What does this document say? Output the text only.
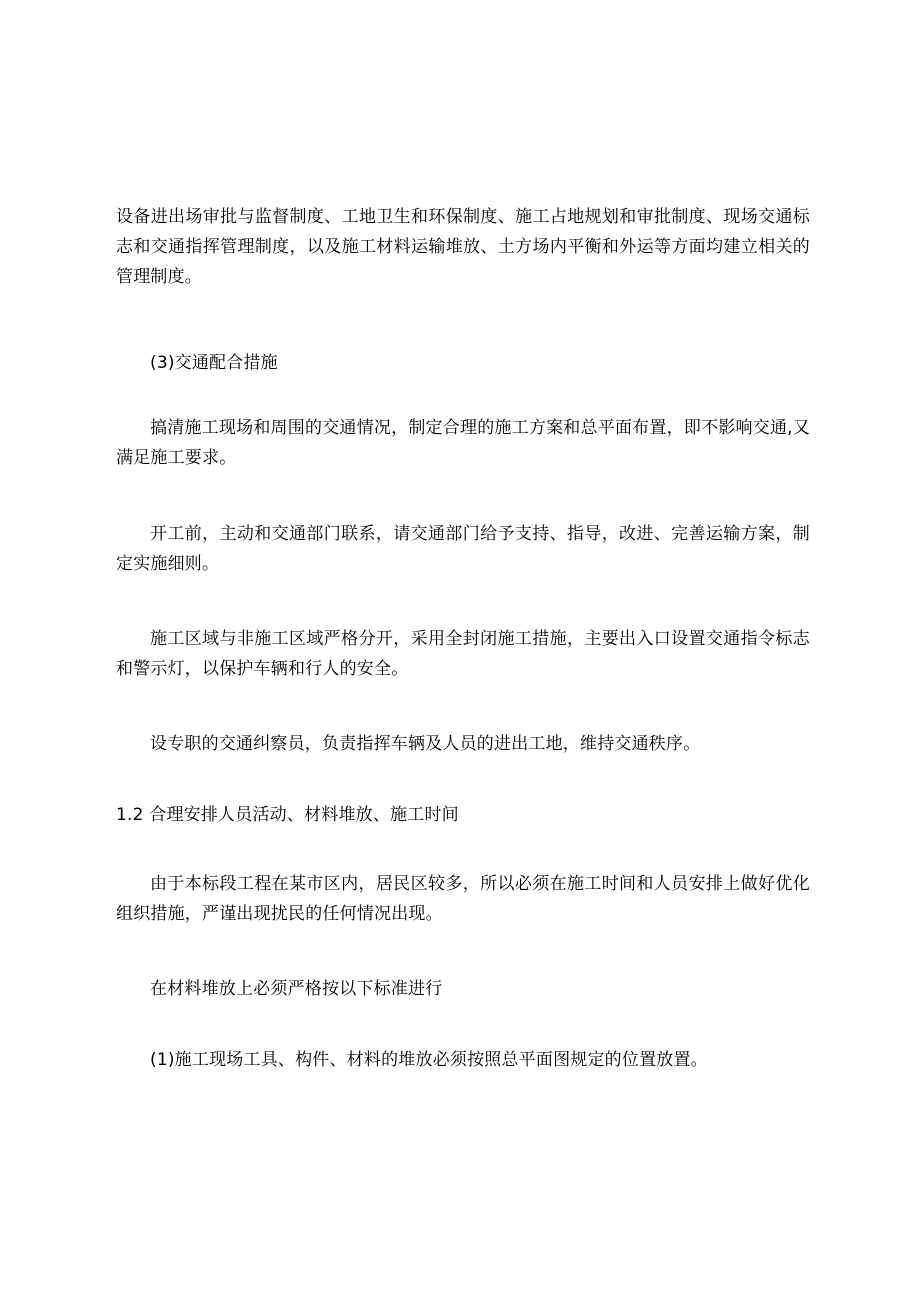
设备进出场审批与监督制度、工地卫生和环保制度、施工占地规划和审批制度、现场交通标志和交通指挥管理制度，以及施工材料运输堆放、土方场内平衡和外运等方面均建立相关的管理制度。

(3)交通配合措施

搞清施工现场和周围的交通情况，制定合理的施工方案和总平面布置，即不影响交通,又满足施工要求。

开工前，主动和交通部门联系，请交通部门给予支持、指导，改进、完善运输方案，制定实施细则。

施工区域与非施工区域严格分开，采用全封闭施工措施，主要出入口设置交通指令标志和警示灯，以保护车辆和行人的安全。

设专职的交通纠察员，负责指挥车辆及人员的进出工地，维持交通秩序。

1.2 合理安排人员活动、材料堆放、施工时间

由于本标段工程在某市区内，居民区较多，所以必须在施工时间和人员安排上做好优化组织措施，严谨出现扰民的任何情况出现。

在材料堆放上必须严格按以下标准进行

(1)施工现场工具、构件、材料的堆放必须按照总平面图规定的位置放置。
